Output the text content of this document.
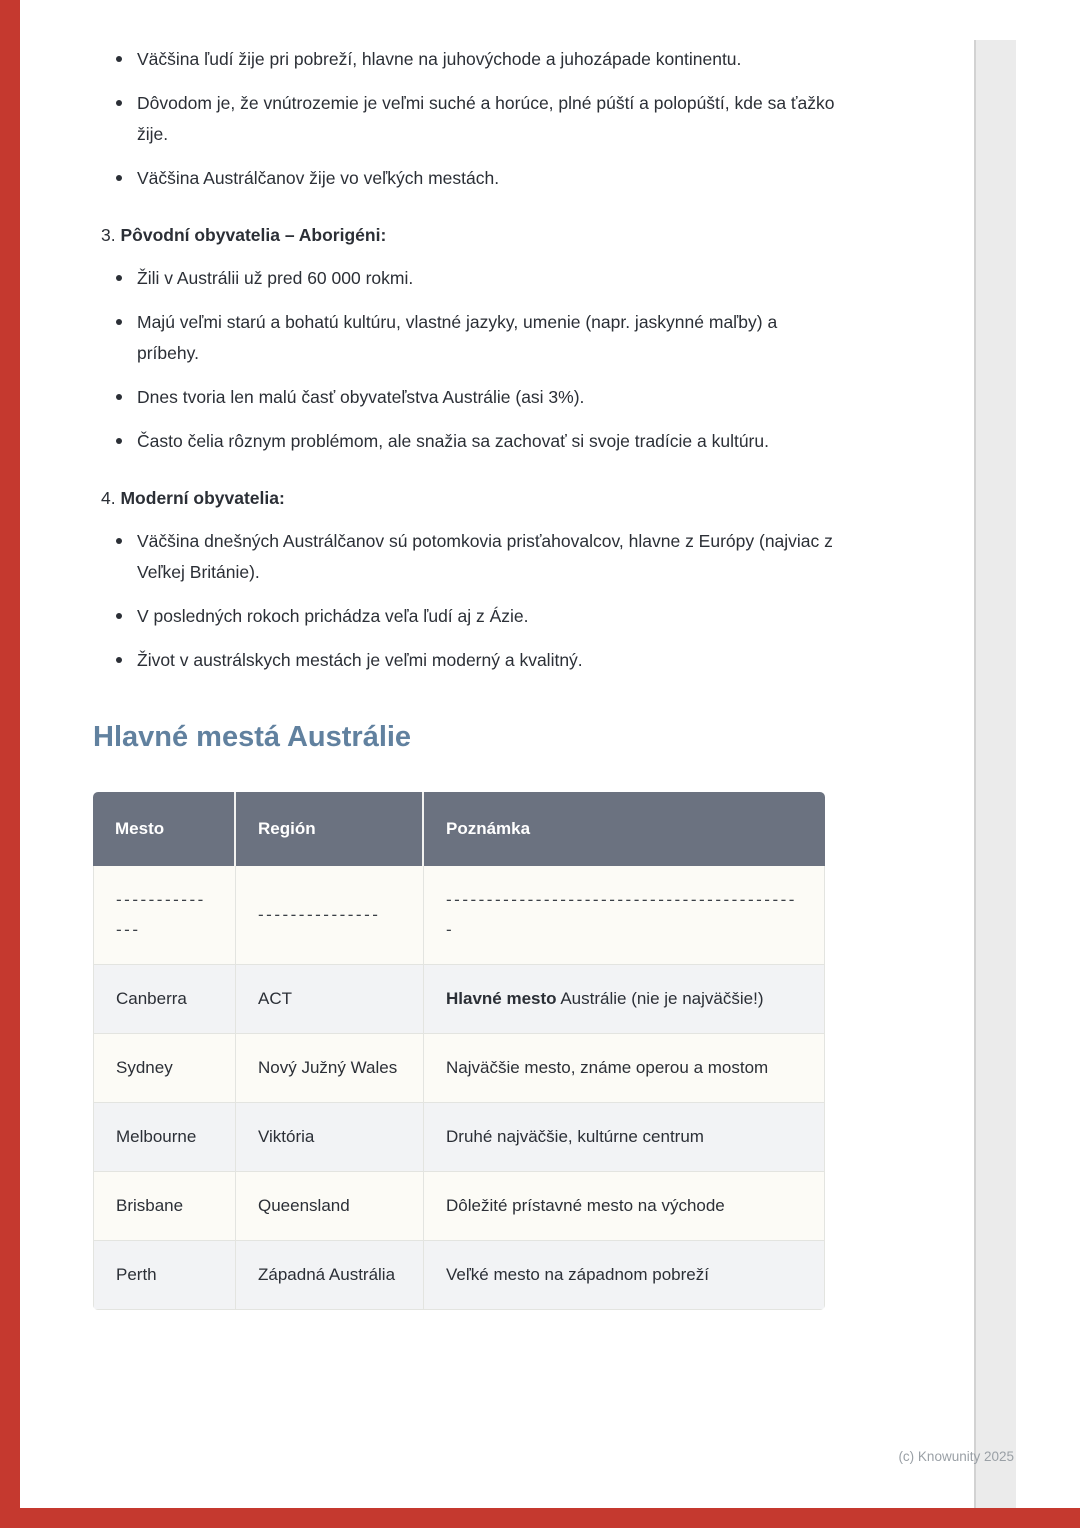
Väčšina ľudí žije pri pobreží, hlavne na juhovýchode a juhozápade kontinentu.
Dôvodom je, že vnútrozemie je veľmi suché a horúce, plné púští a polopúští, kde sa ťažko žije.
Väčšina Austrálčanov žije vo veľkých mestách.
3. Pôvodní obyvatelia – Aborigéni:
Žili v Austrálii už pred 60 000 rokmi.
Majú veľmi starú a bohatú kultúru, vlastné jazyky, umenie (napr. jaskynné maľby) a príbehy.
Dnes tvoria len malú časť obyvateľstva Austrálie (asi 3%).
Často čelia rôznym problémom, ale snažia sa zachovať si svoje tradície a kultúru.
4. Moderní obyvatelia:
Väčšina dnešných Austrálčanov sú potomkovia prisťahovalcov, hlavne z Európy (najviac z Veľkej Británie).
V posledných rokoch prichádza veľa ľudí aj z Ázie.
Život v austrálskych mestách je veľmi moderný a kvalitný.
Hlavné mestá Austrálie
Mesto	Región	Poznámka
--------------	---------------	--------------------------------------------
Canberra	ACT	Hlavné mesto Austrálie (nie je najväčšie!)
Sydney	Nový Južný Wales	Najväčšie mesto, známe operou a mostom
Melbourne	Viktória	Druhé najväčšie, kultúrne centrum
Brisbane	Queensland	Dôležité prístavné mesto na východe
Perth	Západná Austrália	Veľké mesto na západnom pobreží
(c) Knowunity 2025
